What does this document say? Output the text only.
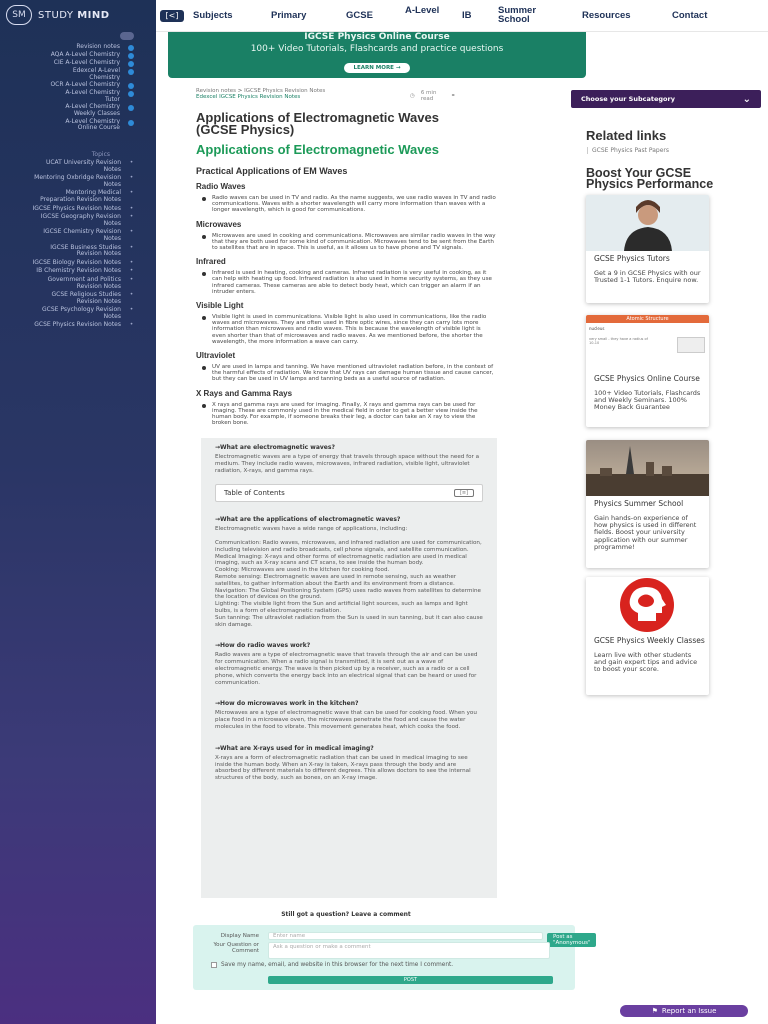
SM	STUDY MIND
Revision notes
AQA A-Level Chemistry
CIE A-Level Chemistry
Edexcel A-Level Chemistry
OCR A-Level Chemistry
A-Level Chemistry Tutor
A-Level Chemistry Weekly Classes
A-Level Chemistry Online Course
Topics
UCAT University Revision Notes
•
Mentoring Oxbridge Revision Notes
•
Mentoring Medical Preparation Revision Notes
•
IGCSE Physics Revision Notes •
IGCSE Geography Revision Notes
•
IGCSE Chemistry Revision Notes
•
IGCSE Business Studies Revision Notes
•
IGCSE Biology Revision Notes •
IB Chemistry Revision Notes •
Government and Politics Revision Notes
•
GCSE Religious Studies Revision Notes
•
GCSE Psychology Revision Notes
•
GCSE Physics Revision Notes •
[<]	Subjects	Primary	GCSE	A-Level IB	Summer School	Resources	Contact
IGCSE Physics Online Course
100+ Video Tutorials, Flashcards and practice questions
LEARN MORE →
Revision notes > IGCSE Physics Revision Notes
Edexcel IGCSE Physics Revision Notes	◷ 6 min read	⚭
Applications of Electromagnetic Waves (GCSE Physics)
Applications of Electromagnetic Waves
Practical Applications of EM Waves
Radio Waves

Radio waves can be used in TV and radio. As the name suggests, we use radio waves in TV and radio communications. Waves with a shorter wavelength will carry more information than waves with a longer wavelength, which is good for communications.

Microwaves

Microwaves are used in cooking and communications. Microwaves are similar radio waves in the way that they are both used for some kind of communication. Microwaves tend to be sent from the Earth to satellites that are in space. This is useful, as it allows us to have phone and TV signals.

Infrared

Infrared is used in heating, cooking and cameras. Infrared radiation is very useful in cooking, as it can help with heating up food. Infrared radiation is also used in home security systems, as they use infrared cameras. These cameras are able to detect body heat, which can trigger an alarm if an intruder enters.

Visible Light

Visible light is used in communications. Visible light is also used in communications, like the radio waves and microwaves. They are often used in fibre optic wires, since they can carry lots more information than microwaves and radio waves. This is because the wavelength of visible light is even shorter than that of microwaves and radio waves. As we mentioned before, the shorter the wavelength, the more information a wave can carry.

Ultraviolet

UV are used in lamps and tanning. We have mentioned ultraviolet radiation before, in the context of the harmful effects of radiation. We know that UV rays can damage human tissue and cause cancer, but they can be used in UV lamps and tanning beds as a useful source of radiation.

X Rays and Gamma Rays

X rays and gamma rays are used for imaging. Finally, X rays and gamma rays can be used for imaging. These are commonly used in the medical field in order to get a better view inside the human body. For example, if someone breaks their leg, a doctor can take an X ray to view the broken bone.

→What are electromagnetic waves?
Electromagnetic waves are a type of energy that travels through space without the need for a medium. They include radio waves, microwaves, infrared radiation, visible light, ultraviolet radiation, X-rays, and gamma rays.
Table of Contents	[≡]
→What are the applications of electromagnetic waves?
Electromagnetic waves have a wide range of applications, including:

Communication: Radio waves, microwaves, and infrared radiation are used for communication, including television and radio broadcasts, cell phone signals, and satellite communication.
Medical Imaging: X-rays and other forms of electromagnetic radiation are used in medical imaging, such as X-ray scans and CT scans, to see inside the human body.
Cooking: Microwaves are used in the kitchen for cooking food.
Remote sensing: Electromagnetic waves are used in remote sensing, such as weather satellites, to gather information about the Earth and its environment from a distance.
Navigation: The Global Positioning System (GPS) uses radio waves from satellites to determine the location of devices on the ground.
Lighting: The visible light from the Sun and artificial light sources, such as lamps and light bulbs, is a form of electromagnetic radiation.
Sun tanning: The ultraviolet radiation from the Sun is used in sun tanning, but it can also cause skin damage.
→How do radio waves work?
Radio waves are a type of electromagnetic wave that travels through the air and can be used for communication. When a radio signal is transmitted, it is sent out as a wave of electromagnetic energy. The wave is then picked up by a receiver, such as a radio or a cell phone, which converts the energy back into an electrical signal that can be heard or used for communication.
→How do microwaves work in the kitchen?
Microwaves are a type of electromagnetic wave that can be used for cooking food. When you place food in a microwave oven, the microwaves penetrate the food and cause the water molecules in the food to vibrate. This movement generates heat, which cooks the food.
→What are X-rays used for in medical imaging?
X-rays are a form of electromagnetic radiation that can be used in medical imaging to see inside the human body. When an X-ray is taken, X-rays pass through the body and are absorbed by different materials to different degrees. This allows doctors to see the internal structures of the body, such as bones, on an X-ray image.
Still got a question? Leave a comment
Display Name	Enter name	Post as "Anonymous"
Your Question or Comment
Ask a question or make a comment
Save my name, email, and website in this browser for the next time I comment.
POST
Choose your Subcategory	⌄
Related links
GCSE Physics Past Papers
Boost Your GCSE Physics Performance
GCSE Physics Tutors
Get a 9 in GCSE Physics with our Trusted 1-1 Tutors. Enquire now.
Atomic Structure
nucleus
very small - they have a radius of 10-10
GCSE Physics Online Course
100+ Video Tutorials, Flashcards and Weekly Seminars. 100% Money Back Guarantee
Physics Summer School
Gain hands-on experience of how physics is used in different fields. Boost your university application with our summer programme!
GCSE Physics Weekly Classes
Learn live with other students and gain expert tips and advice to boost your score.
⚑ Report an Issue
